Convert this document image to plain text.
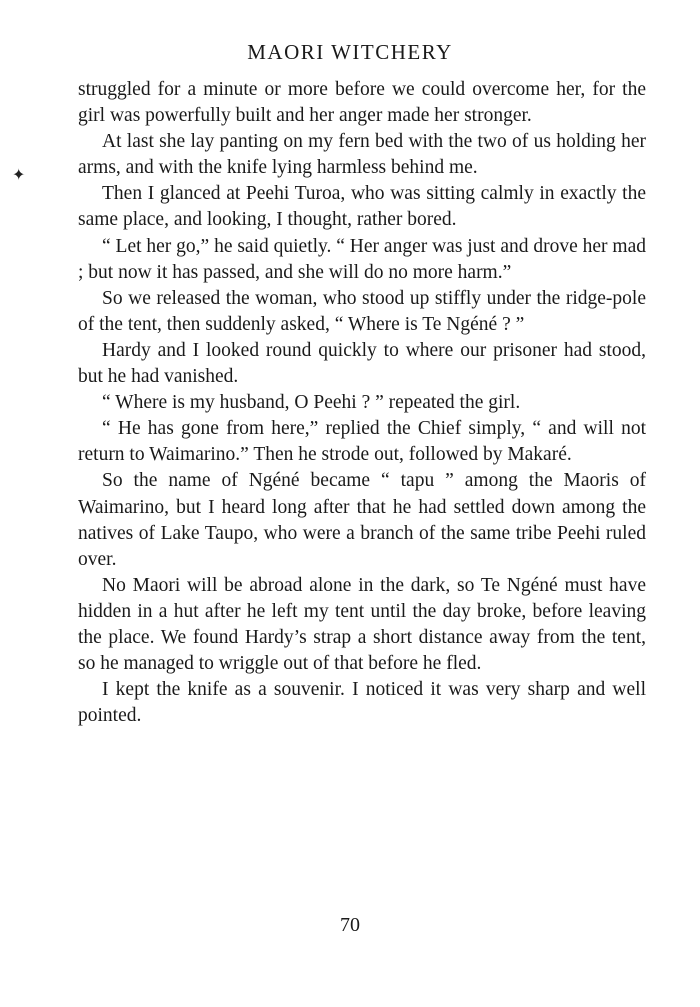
MAORI WITCHERY
✦

struggled for a minute or more before we could overcome her, for the girl was powerfully built and her anger made her stronger.

At last she lay panting on my fern bed with the two of us holding her arms, and with the knife lying harmless behind me.

Then I glanced at Peehi Turoa, who was sitting calmly in exactly the same place, and looking, I thought, rather bored.

“ Let her go,” he said quietly. “ Her anger was just and drove her mad ; but now it has passed, and she will do no more harm.”

So we released the woman, who stood up stiffly under the ridge-pole of the tent, then suddenly asked, “ Where is Te Ngéné ? ”

Hardy and I looked round quickly to where our prisoner had stood, but he had vanished.

“ Where is my husband, O Peehi ? ” repeated the girl.

“ He has gone from here,” replied the Chief simply, “ and will not return to Waimarino.” Then he strode out, followed by Makaré.

So the name of Ngéné became “ tapu ” among the Maoris of Waimarino, but I heard long after that he had settled down among the natives of Lake Taupo, who were a branch of the same tribe Peehi ruled over.

No Maori will be abroad alone in the dark, so Te Ngéné must have hidden in a hut after he left my tent until the day broke, before leaving the place. We found Hardy’s strap a short distance away from the tent, so he managed to wriggle out of that before he fled.

I kept the knife as a souvenir. I noticed it was very sharp and well pointed.

70
